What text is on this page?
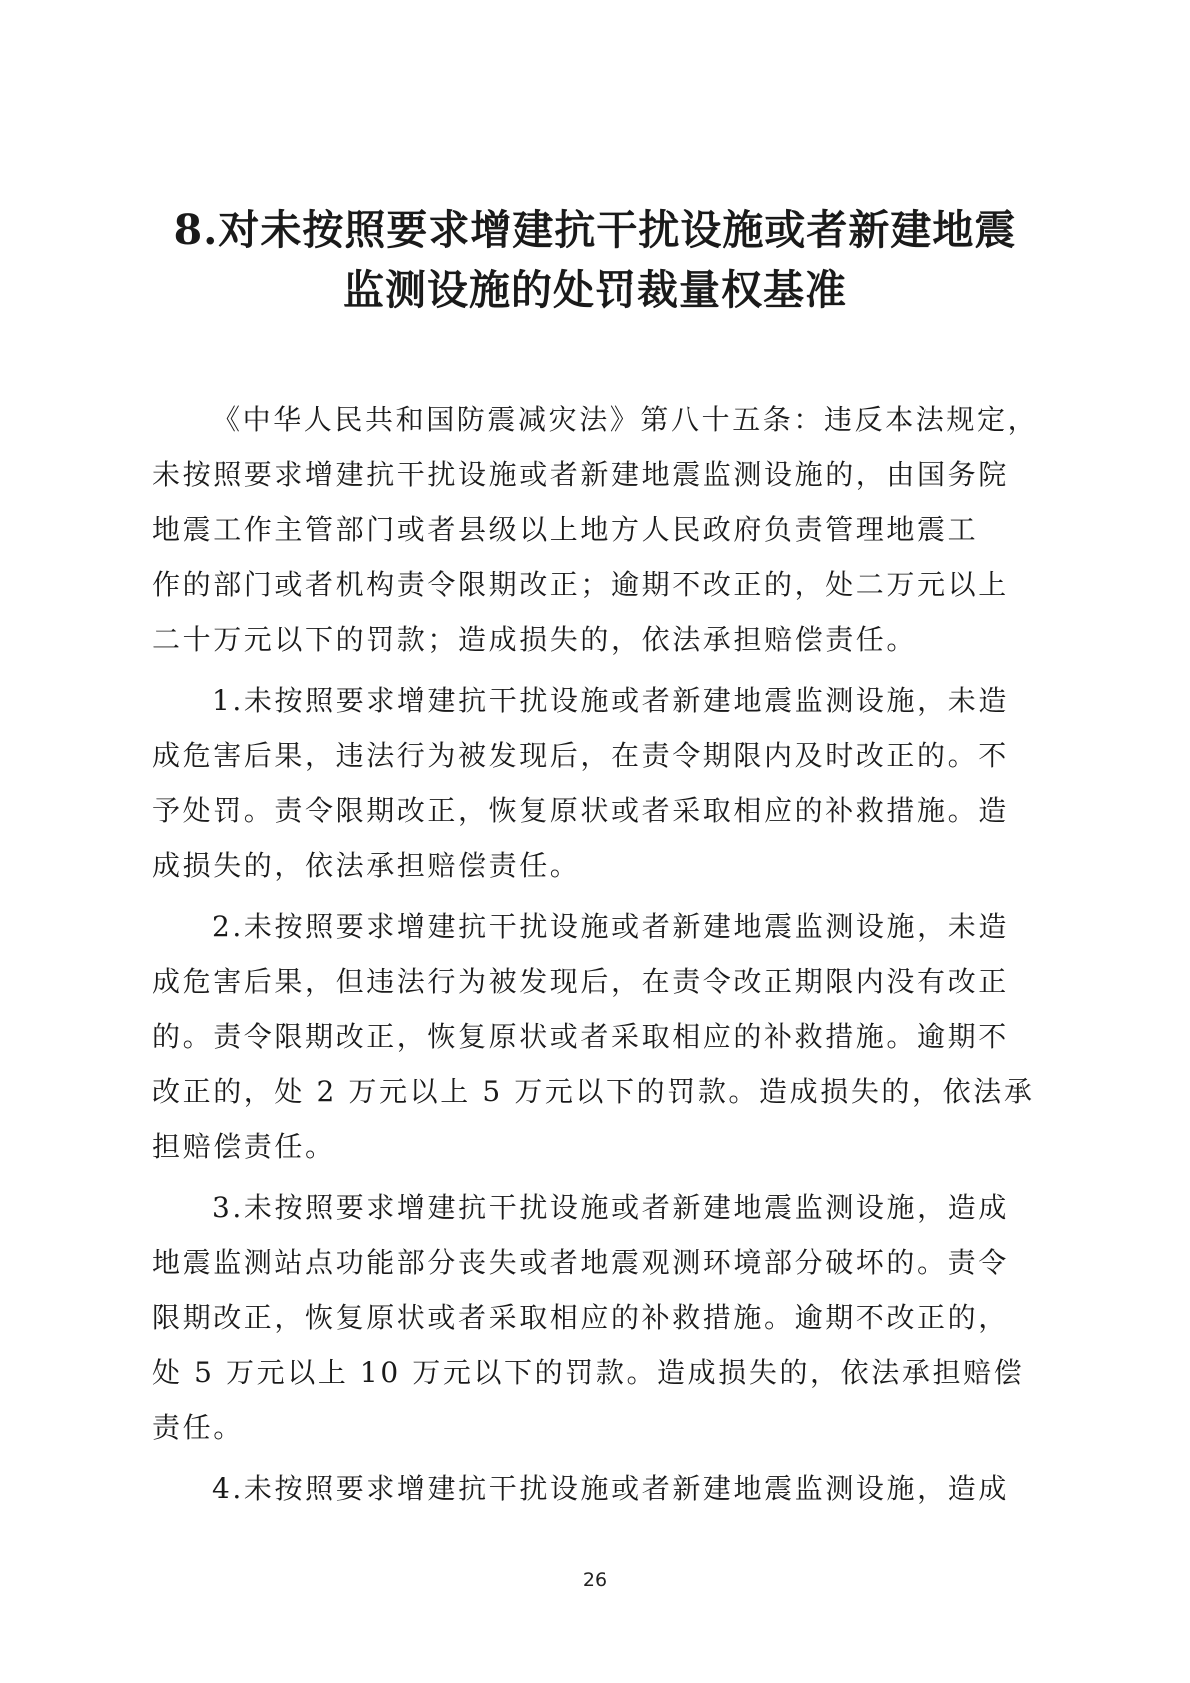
8.对未按照要求增建抗干扰设施或者新建地震
监测设施的处罚裁量权基准

《中华人民共和国防震减灾法》第八十五条：违反本法规定，
未按照要求增建抗干扰设施或者新建地震监测设施的，由国务院
地震工作主管部门或者县级以上地方人民政府负责管理地震工
作的部门或者机构责令限期改正；逾期不改正的，处二万元以上
二十万元以下的罚款；造成损失的，依法承担赔偿责任。

1.未按照要求增建抗干扰设施或者新建地震监测设施，未造
成危害后果，违法行为被发现后，在责令期限内及时改正的。不
予处罚。责令限期改正，恢复原状或者采取相应的补救措施。造
成损失的，依法承担赔偿责任。

2.未按照要求增建抗干扰设施或者新建地震监测设施，未造
成危害后果，但违法行为被发现后，在责令改正期限内没有改正
的。责令限期改正，恢复原状或者采取相应的补救措施。逾期不
改正的，处 2 万元以上 5 万元以下的罚款。造成损失的，依法承
担赔偿责任。

3.未按照要求增建抗干扰设施或者新建地震监测设施，造成
地震监测站点功能部分丧失或者地震观测环境部分破坏的。责令
限期改正，恢复原状或者采取相应的补救措施。逾期不改正的，
处 5 万元以上 10 万元以下的罚款。造成损失的，依法承担赔偿
责任。

4.未按照要求增建抗干扰设施或者新建地震监测设施，造成

26
